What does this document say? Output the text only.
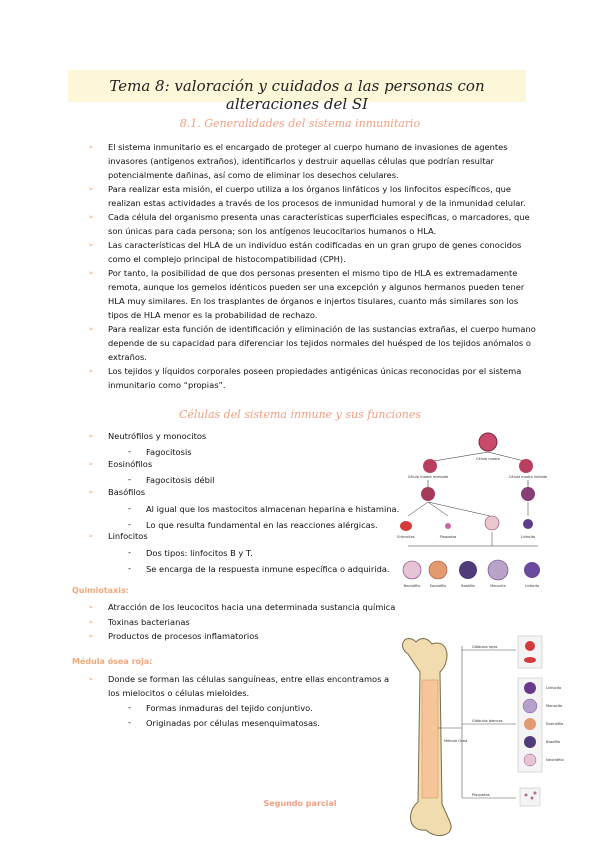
Tema 8: valoración y cuidados a las personas con alteraciones del SI
8.1. Generalidades del sistema inmunitario
➢ El sistema inmunitario es el encargado de proteger al cuerpo humano de invasiones de agentes
invasores (antígenos extraños), identificarlos y destruir aquellas células que podrían resultar
potencialmente dañinas, así como de eliminar los desechos celulares.
➢ Para realizar esta misión, el cuerpo utiliza a los órganos linfáticos y los linfocitos específicos, que
realizan estas actividades a través de los procesos de inmunidad humoral y de la inmunidad celular.
➢ Cada célula del organismo presenta unas características superficiales específicas, o marcadores, que
son únicas para cada persona; son los antígenos leucocitarios humanos o HLA.
➢ Las características del HLA de un individuo están codificadas en un gran grupo de genes conocidos
como el complejo principal de histocompatibilidad (CPH).
➢ Por tanto, la posibilidad de que dos personas presenten el mismo tipo de HLA es extremadamente
remota, aunque los gemelos idénticos pueden ser una excepción y algunos hermanos pueden tener
HLA muy similares. En los trasplantes de órganos e injertos tisulares, cuanto más similares son los
tipos de HLA menor es la probabilidad de rechazo.
➢ Para realizar esta función de identificación y eliminación de las sustancias extrañas, el cuerpo humano
depende de su capacidad para diferenciar los tejidos normales del huésped de los tejidos anómalos o
extraños.
➢ Los tejidos y líquidos corporales poseen propiedades antigénicas únicas reconocidas por el sistema
inmunitario como “propias”.
Células del sistema inmune y sus funciones
➢ Neutrófilos y monocitos
- Fagocitosis
➢ Eosinófilos
- Fagocitosis débil
➢ Basófilos
- Al igual que los mastocitos almacenan heparina e histamina.
- Lo que resulta fundamental en las reacciones alérgicas.
➢ Linfocitos
- Dos tipos: linfocitos B y T.
- Se encarga de la respuesta inmune específica o adquirida.
Quimiotaxis:
➢ Atracción de los leucocitos hacia una determinada sustancia química
➢ Toxinas bacterianas
➢ Productos de procesos inflamatorios
Médula ósea roja:
➢ Donde se forman las células sanguíneas, entre ellas encontramos a
los mielocitos o células mieloides.
- Formas inmaduras del tejido conjuntivo.
- Originadas por células mesenquimatosas.
Célula madre
Célula madre mieloide	Célula madre linfoide
Eritrocitos	Plaquetas	Linfocito
Neutrófilo	Eosinófilo	Basófilo	Monocito	Linfocito
Médula Ósea
Glóbulos rojos
Glóbulos blancos
Plaquetas
Linfocito
Monocito
Eosinófilo
Basófilo
Neutrófilo
Segundo parcial
